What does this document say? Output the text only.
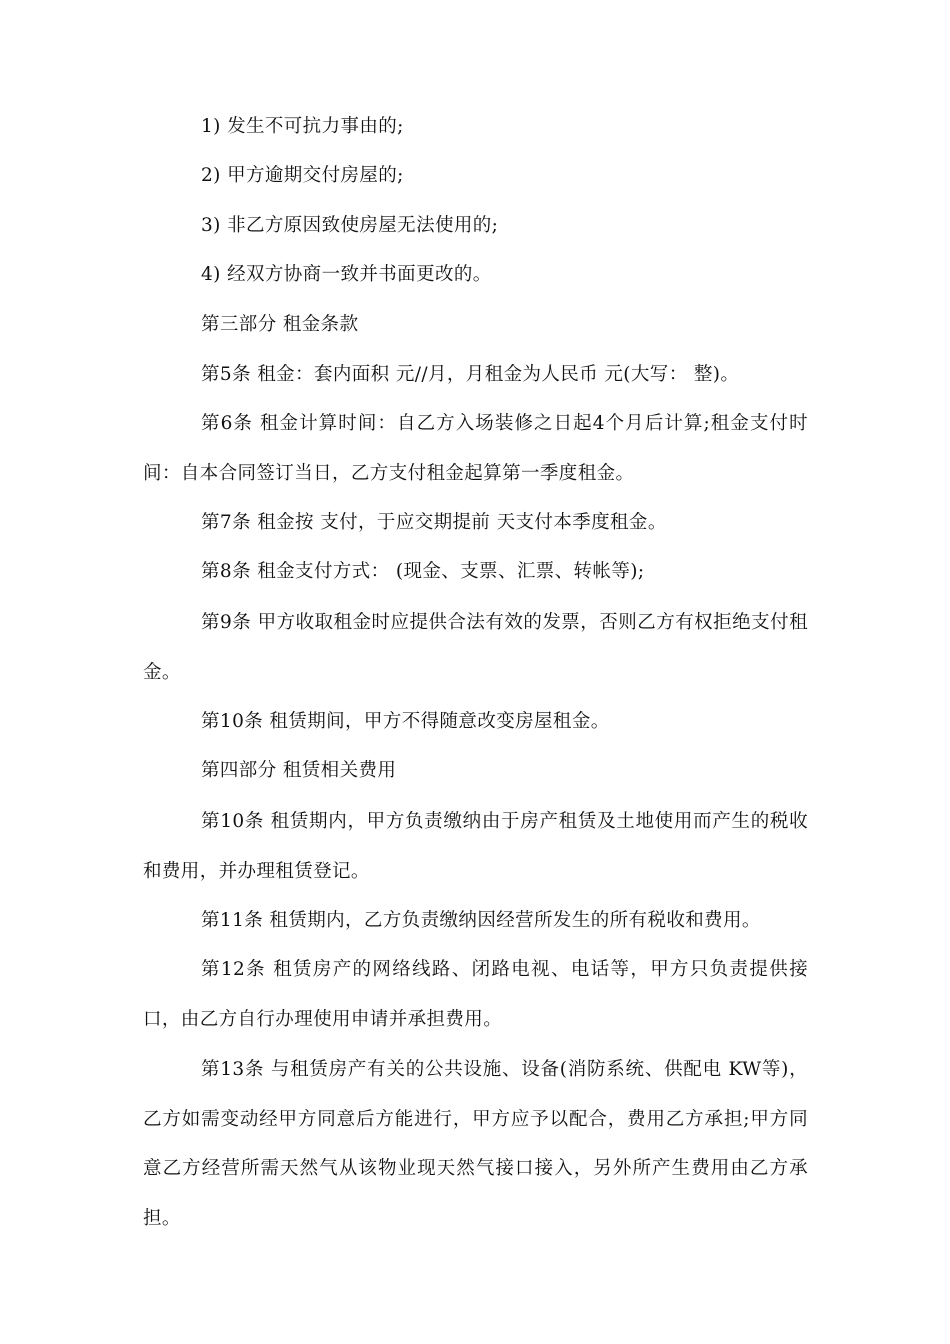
1) 发生不可抗力事由的;

2) 甲方逾期交付房屋的;

3) 非乙方原因致使房屋无法使用的;

4) 经双方协商一致并书面更改的。

第三部分 租金条款

第5条 租金：套内面积 元//月，月租金为人民币 元(大写： 整)。

第6条 租金计算时间：自乙方入场装修之日起4个月后计算;租金支付时间：自本合同签订当日，乙方支付租金起算第一季度租金。

第7条 租金按 支付，于应交期提前 天支付本季度租金。

第8条 租金支付方式： (现金、支票、汇票、转帐等);

第9条 甲方收取租金时应提供合法有效的发票，否则乙方有权拒绝支付租金。

第10条 租赁期间，甲方不得随意改变房屋租金。

第四部分 租赁相关费用

第10条 租赁期内，甲方负责缴纳由于房产租赁及土地使用而产生的税收和费用，并办理租赁登记。

第11条 租赁期内，乙方负责缴纳因经营所发生的所有税收和费用。

第12条 租赁房产的网络线路、闭路电视、电话等，甲方只负责提供接口，由乙方自行办理使用申请并承担费用。

第13条 与租赁房产有关的公共设施、设备(消防系统、供配电 KW等)，乙方如需变动经甲方同意后方能进行，甲方应予以配合，费用乙方承担;甲方同意乙方经营所需天然气从该物业现天然气接口接入，另外所产生费用由乙方承担。
